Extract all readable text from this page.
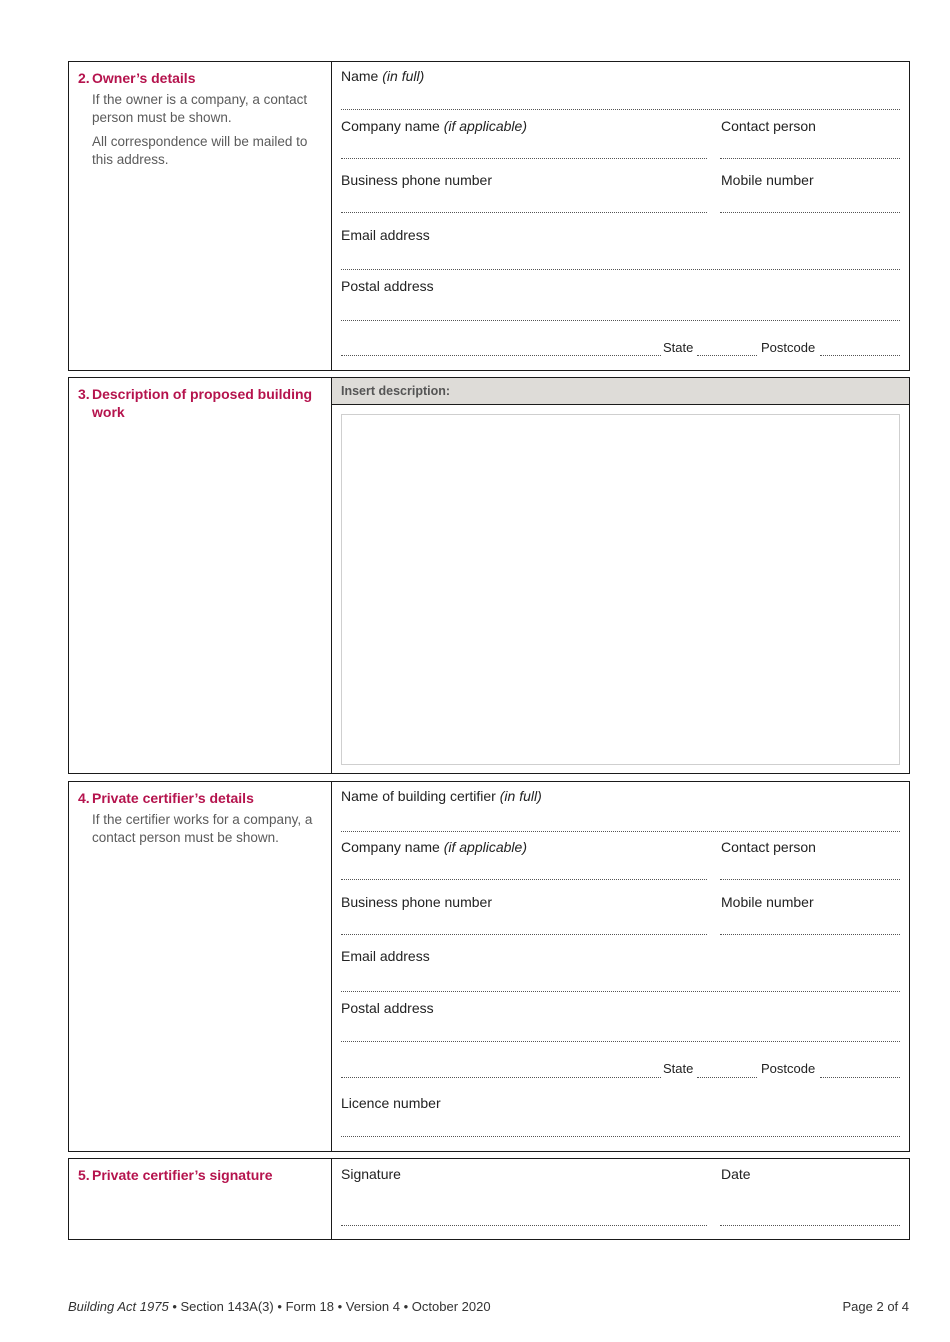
2. Owner’s details
If the owner is a company, a contact person must be shown.
All correspondence will be mailed to this address.
Name (in full)
Company name (if applicable)	Contact person
Business phone number	Mobile number
Email address
Postal address
State	Postcode
3. Description of proposed building work
Insert description:
4. Private certifier’s details
If the certifier works for a company, a contact person must be shown.
Name of building certifier (in full)
Company name (if applicable)	Contact person
Business phone number	Mobile number
Email address
Postal address
State	Postcode
Licence number
5. Private certifier’s signature	Signature	Date
Building Act 1975 • Section 143A(3) • Form 18 • Version 4 • October 2020	Page 2 of 4
